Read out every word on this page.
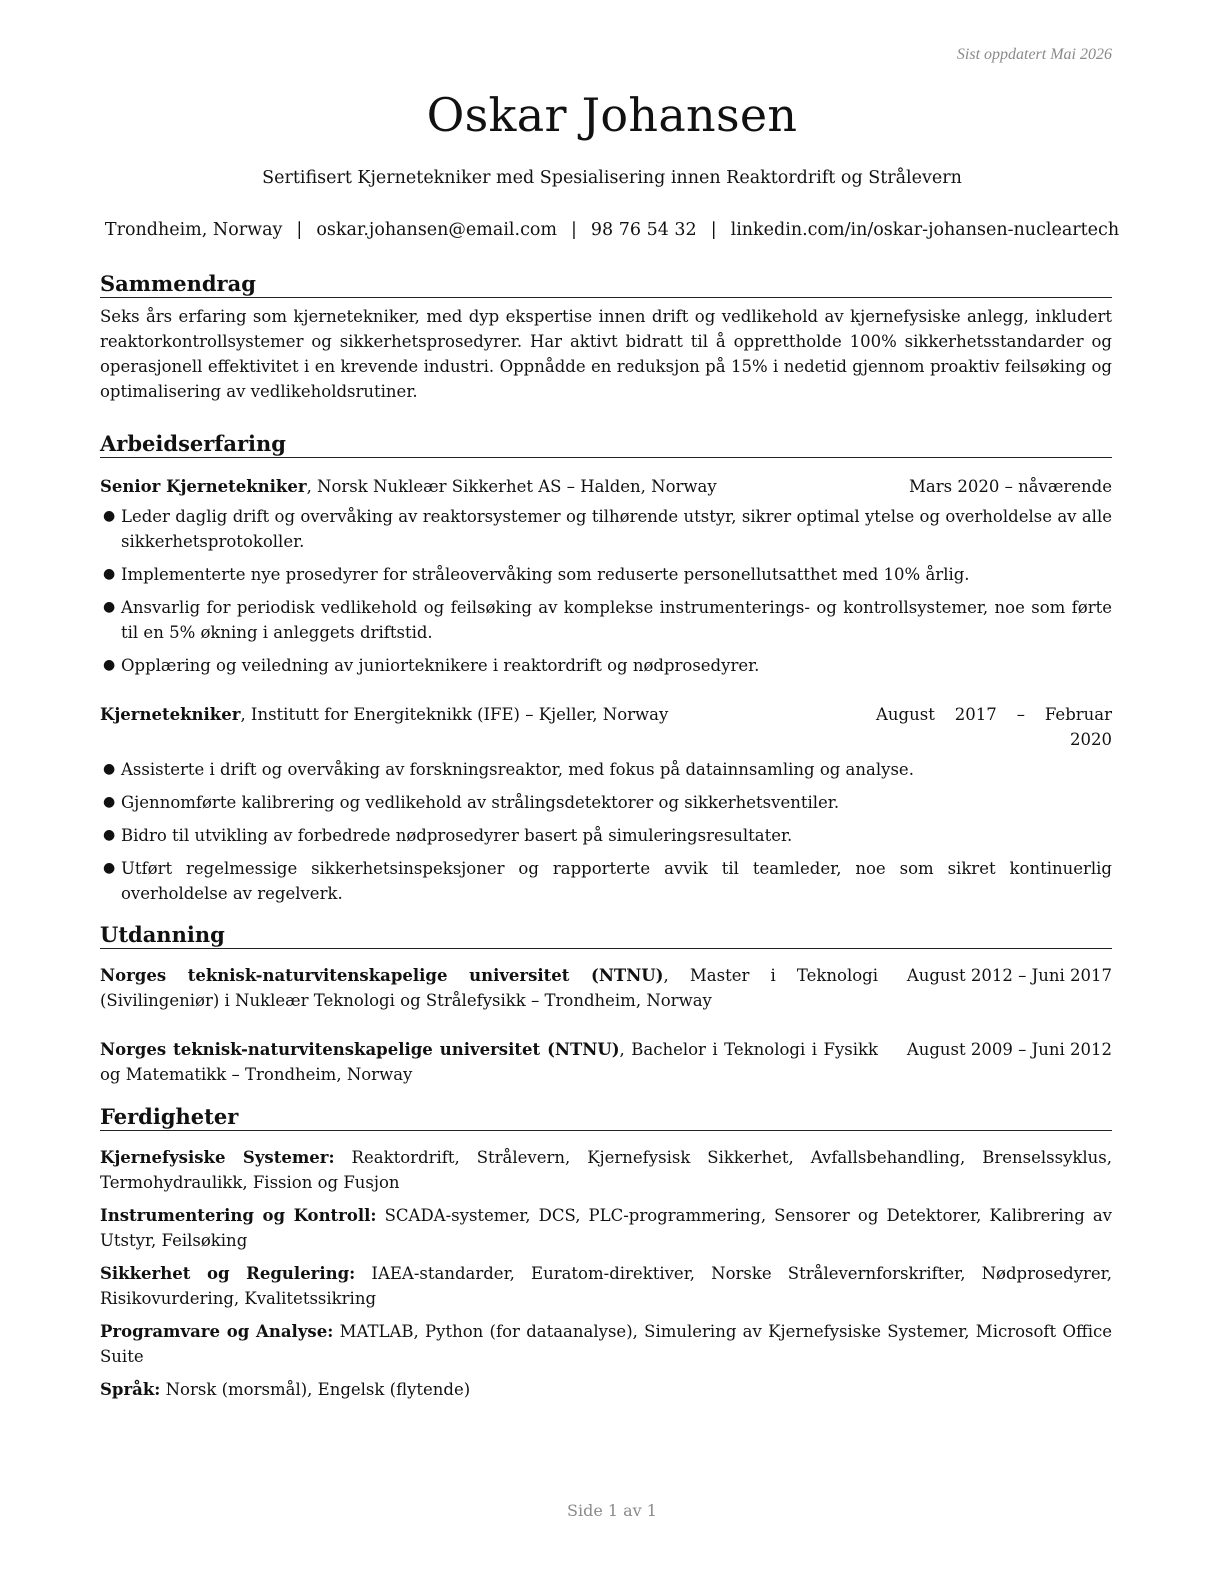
Sist oppdatert Mai 2026
Oskar Johansen
Sertifisert Kjernetekniker med Spesialisering innen Reaktordrift og Strålevern
Trondheim, Norway | oskar.johansen@email.com | 98 76 54 32 | linkedin.com/in/oskar-johansen-nucleartech
Sammendrag

Seks års erfaring som kjernetekniker, med dyp ekspertise innen drift og vedlikehold av kjernefysiske anlegg, inkludert reaktorkontrollsystemer og sikkerhetsprosedyrer. Har aktivt bidratt til å opprettholde 100% sikkerhetsstandarder og operasjonell effektivitet i en krevende industri. Oppnådde en reduksjon på 15% i nedetid gjennom proaktiv feilsøking og optimalisering av vedlikeholdsrutiner.

Arbeidserfaring
Senior Kjernetekniker, Norsk Nukleær Sikkerhet AS – Halden, Norway	Mars 2020 – nåværende
● Leder daglig drift og overvåking av reaktorsystemer og tilhørende utstyr, sikrer optimal ytelse og overholdelse av alle sikkerhetsprotokoller.
● Implementerte nye prosedyrer for stråleovervåking som reduserte personellutsatthet med 10% årlig.
● Ansvarlig for periodisk vedlikehold og feilsøking av komplekse instrumenterings- og kontrollsystemer, noe som førte til en 5% økning i anleggets driftstid.
● Opplæring og veiledning av juniorteknikere i reaktordrift og nødprosedyrer.
Kjernetekniker, Institutt for Energiteknikk (IFE) – Kjeller, Norway	August 2017 – Februar 2020
● Assisterte i drift og overvåking av forskningsreaktor, med fokus på datainnsamling og analyse.
● Gjennomførte kalibrering og vedlikehold av strålingsdetektorer og sikkerhetsventiler.
● Bidro til utvikling av forbedrede nødprosedyrer basert på simuleringsresultater.
● Utført regelmessige sikkerhetsinspeksjoner og rapporterte avvik til teamleder, noe som sikret kontinuerlig overholdelse av regelverk.
Utdanning
Norges teknisk-naturvitenskapelige universitet (NTNU), Master i Teknologi (Sivilingeniør) i Nukleær Teknologi og Strålefysikk – Trondheim, Norway
August 2012 – Juni 2017
Norges teknisk-naturvitenskapelige universitet (NTNU), Bachelor i Teknologi i Fysikk og Matematikk – Trondheim, Norway
August 2009 – Juni 2012
Ferdigheter
Kjernefysiske Systemer: Reaktordrift, Strålevern, Kjernefysisk Sikkerhet, Avfallsbehandling, Brenselssyklus, Termohydraulikk, Fission og Fusjon
Instrumentering og Kontroll: SCADA-systemer, DCS, PLC-programmering, Sensorer og Detektorer, Kalibrering av Utstyr, Feilsøking
Sikkerhet og Regulering: IAEA-standarder, Euratom-direktiver, Norske Strålevernforskrifter, Nødprosedyrer, Risikovurdering, Kvalitetssikring
Programvare og Analyse: MATLAB, Python (for dataanalyse), Simulering av Kjernefysiske Systemer, Microsoft Office Suite
Språk: Norsk (morsmål), Engelsk (flytende)
Side 1 av 1
